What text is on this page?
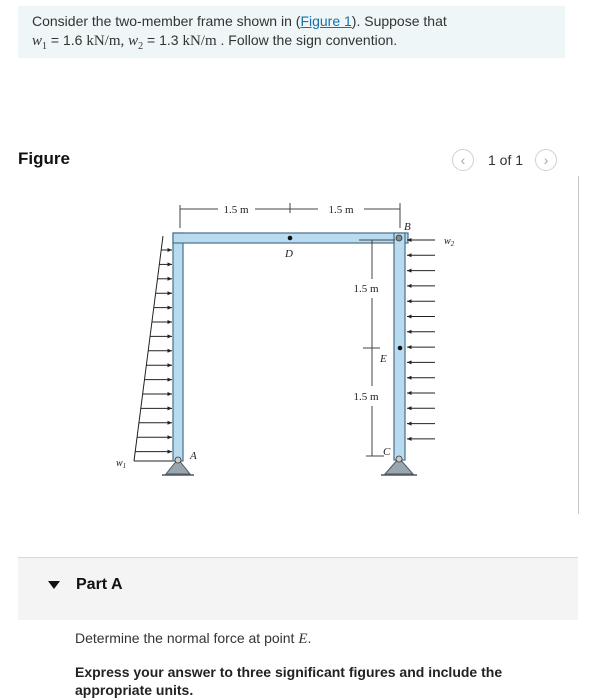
Consider the two-member frame shown in (Figure 1). Suppose that
$w_1 = 1.6$ kN/m, $w_2 = 1.3$ kN/m . Follow the sign convention.
Figure	‹ 1 of 1 ›
1.5 m	1.5 m
$w_1$
1.5 m
1.5 m
$w_2$
A
B
C
D
E
Part A
Determine the normal force at point E.
Express your answer to three significant figures and include the appropriate units.
